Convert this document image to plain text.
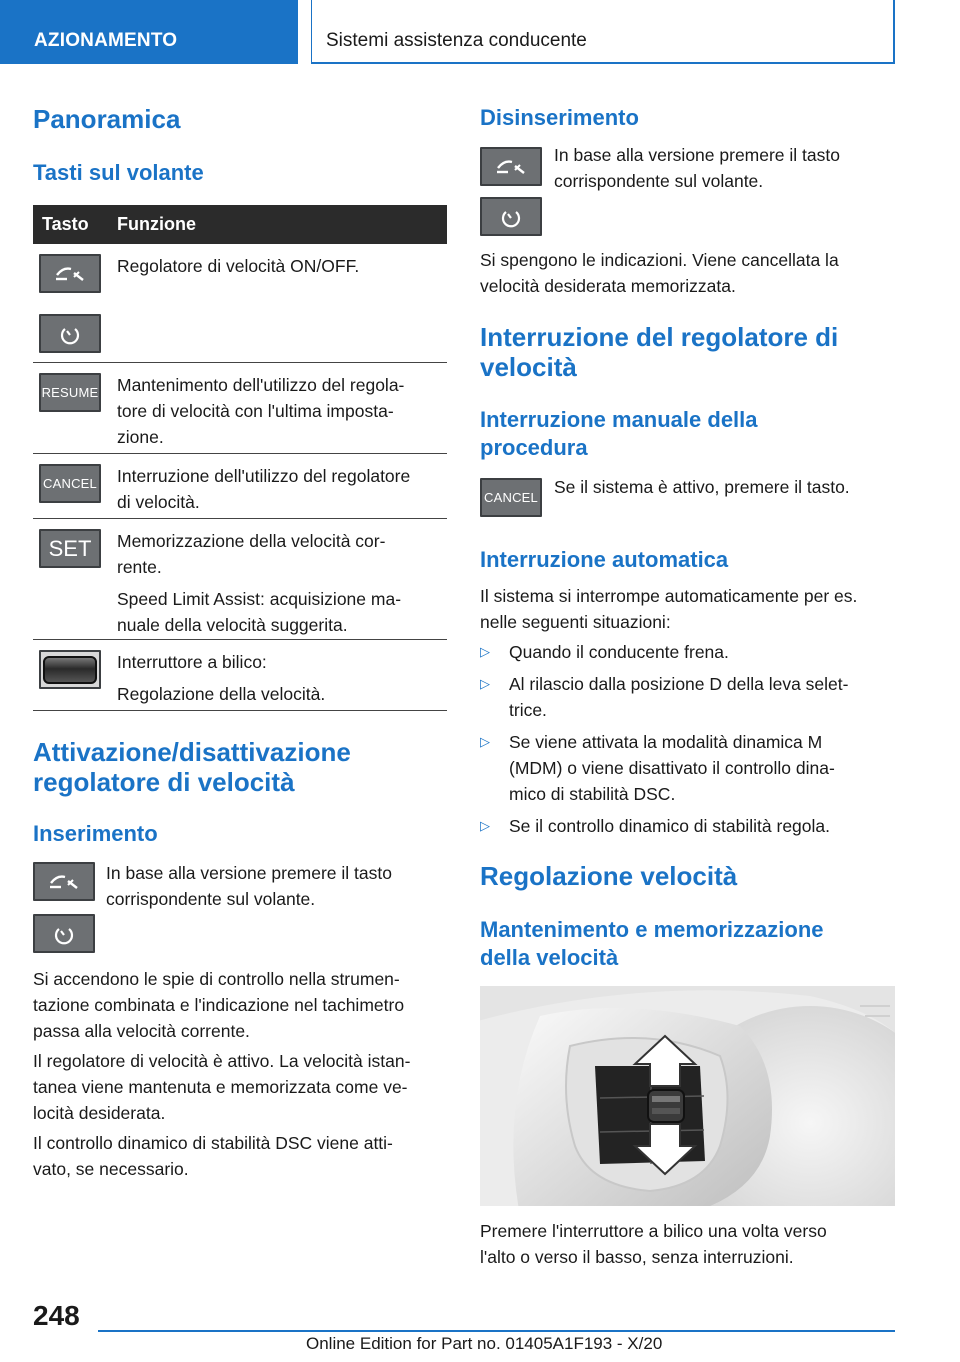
AZIONAMENTO	Sistemi assistenza conducente
Panoramica
Tasti sul volante
Tasto	Funzione
Regolatore di velocità ON/OFF.
RESUME Mantenimento dell'utilizzo del regola-
tore di velocità con l'ultima imposta-
zione.
CANCEL Interruzione dell'utilizzo del regolatore
di velocità.
SET	Memorizzazione della velocità cor-
rente.
Speed Limit Assist: acquisizione ma-
nuale della velocità suggerita.
Interruttore a bilico:
Regolazione della velocità.
Attivazione/disattivazione
regolatore di velocità
Inserimento
In base alla versione premere il tasto
corrispondente sul volante.
Si accendono le spie di controllo nella strumen-
tazione combinata e l'indicazione nel tachimetro
passa alla velocità corrente.
Il regolatore di velocità è attivo. La velocità istan-
tanea viene mantenuta e memorizzata come ve-
locità desiderata.
Il controllo dinamico di stabilità DSC viene atti-
vato, se necessario.
Disinserimento
In base alla versione premere il tasto
corrispondente sul volante.
Si spengono le indicazioni. Viene cancellata la
velocità desiderata memorizzata.
Interruzione del regolatore di
velocità
Interruzione manuale della
procedura
CANCEL
Se il sistema è attivo, premere il tasto.
Interruzione automatica
Il sistema si interrompe automaticamente per es.
nelle seguenti situazioni:
▷ Quando il conducente frena.
▷ Al rilascio dalla posizione D della leva selet-
trice.
▷ Se viene attivata la modalità dinamica M
(MDM) o viene disattivato il controllo dina-
mico di stabilità DSC.
▷ Se il controllo dinamico di stabilità regola.
Regolazione velocità
Mantenimento e memorizzazione
della velocità
Premere l'interruttore a bilico una volta verso
l'alto o verso il basso, senza interruzioni.
248
Online Edition for Part no. 01405A1F193 - X/20
